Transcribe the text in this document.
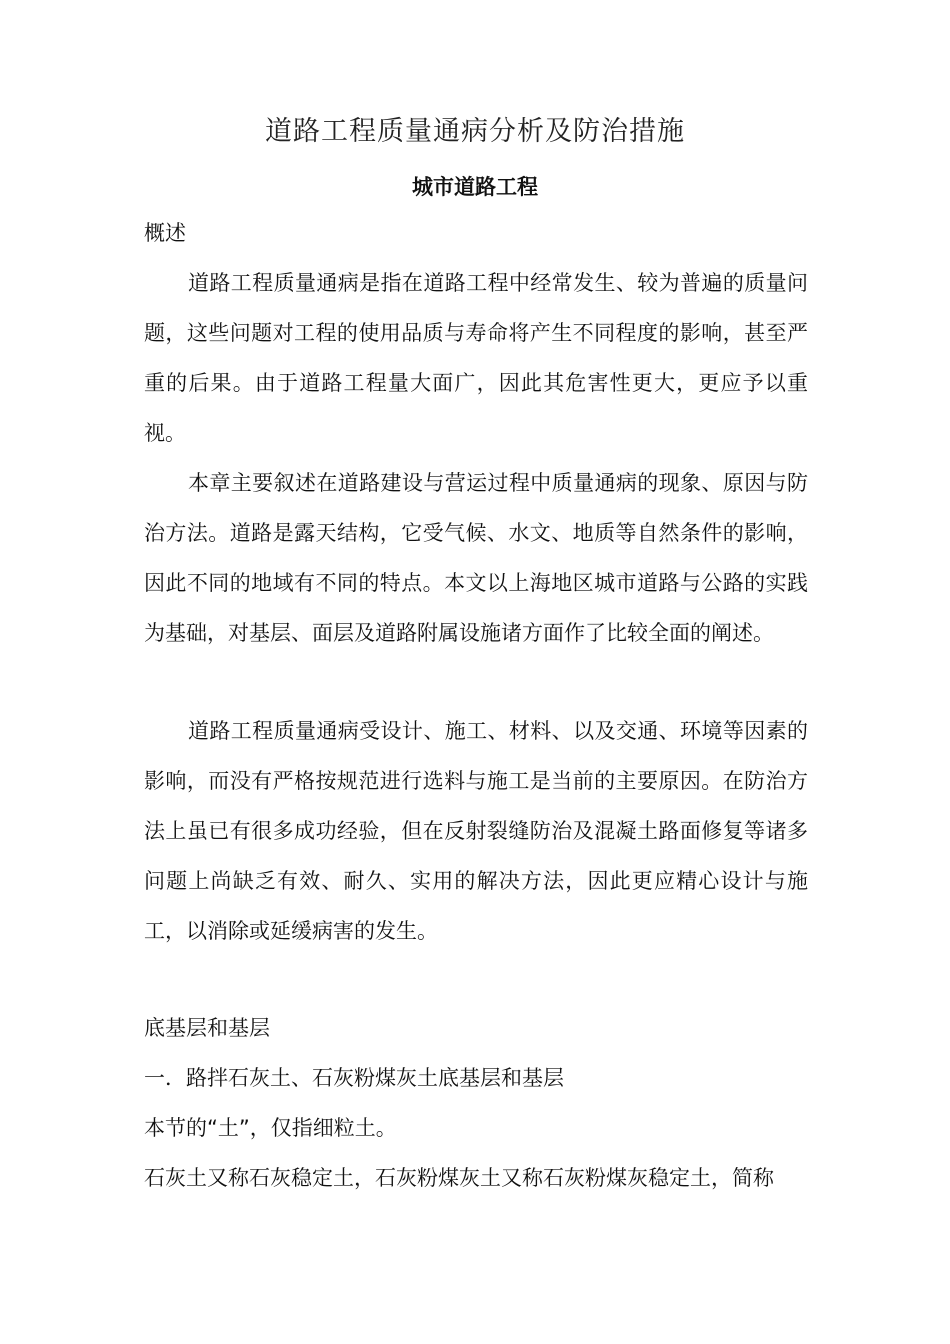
道路工程质量通病分析及防治措施
城市道路工程
概述

道路工程质量通病是指在道路工程中经常发生、较为普遍的质量问题，这些问题对工程的使用品质与寿命将产生不同程度的影响，甚至严重的后果。由于道路工程量大面广，因此其危害性更大，更应予以重视。

本章主要叙述在道路建设与营运过程中质量通病的现象、原因与防治方法。道路是露天结构，它受气候、水文、地质等自然条件的影响，因此不同的地域有不同的特点。本文以上海地区城市道路与公路的实践为基础，对基层、面层及道路附属设施诸方面作了比较全面的阐述。

道路工程质量通病受设计、施工、材料、以及交通、环境等因素的影响，而没有严格按规范进行选料与施工是当前的主要原因。在防治方法上虽已有很多成功经验，但在反射裂缝防治及混凝土路面修复等诸多问题上尚缺乏有效、耐久、实用的解决方法，因此更应精心设计与施工，以消除或延缓病害的发生。

底基层和基层
一．路拌石灰土、石灰粉煤灰土底基层和基层
本节的“土”，仅指细粒土。
石灰土又称石灰稳定土，石灰粉煤灰土又称石灰粉煤灰稳定土，简称
